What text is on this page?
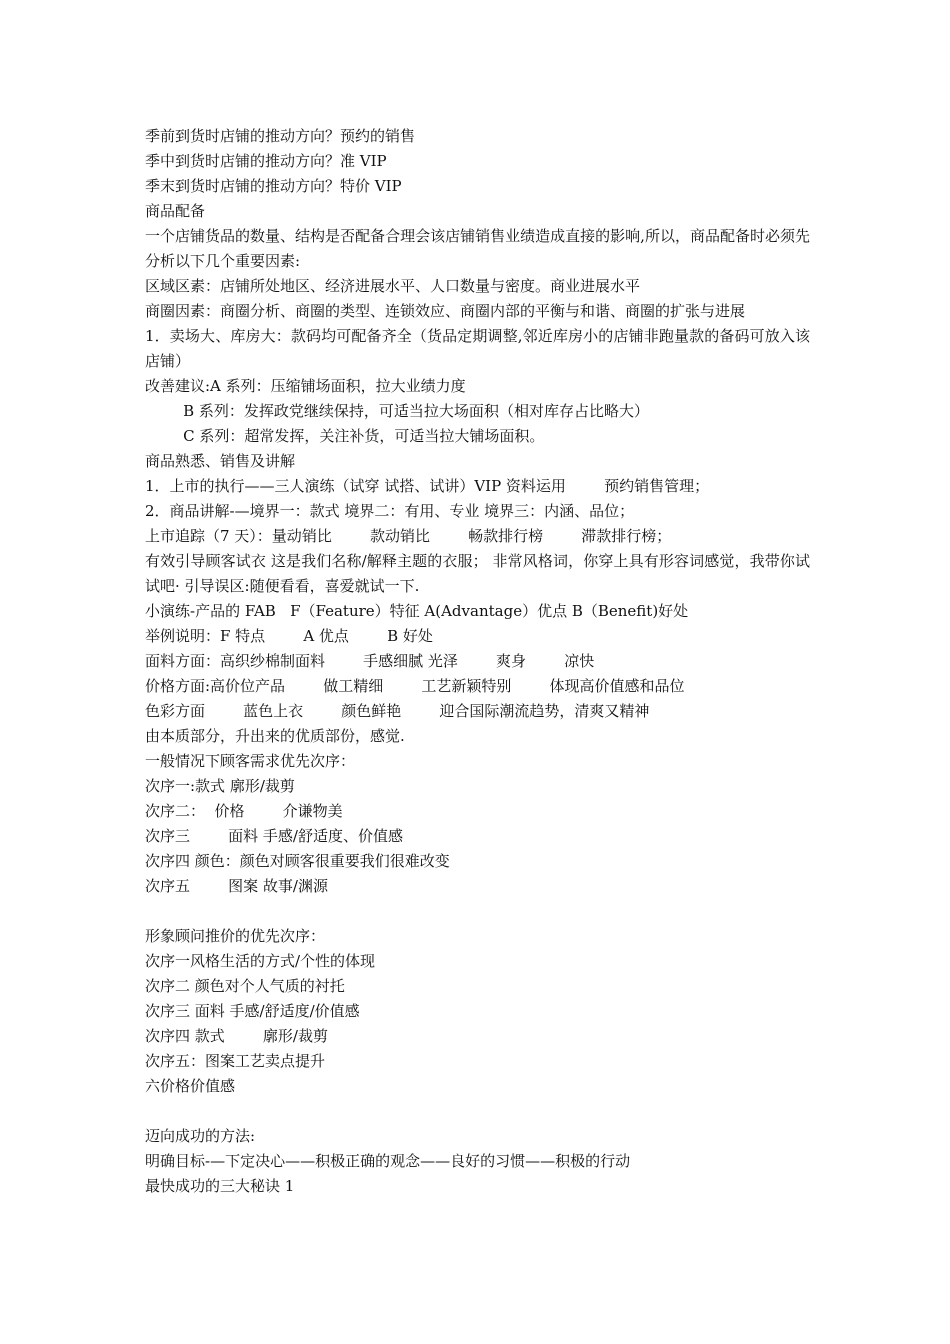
季前到货时店铺的推动方向？预约的销售
季中到货时店铺的推动方向？准 VIP
季末到货时店铺的推动方向？特价 VIP
商品配备
一个店铺货品的数量、结构是否配备合理会该店铺销售业绩造成直接的影响,所以，商品配备时必须先分析以下几个重要因素:
区域区素：店铺所处地区、经济进展水平、人口数量与密度。商业进展水平
商圈因素：商圈分析、商圈的类型、连锁效应、商圈内部的平衡与和谐、商圈的扩张与进展
1．卖场大、库房大：款码均可配备齐全（货品定期调整,邻近库房小的店铺非跑量款的备码可放入该店铺）
改善建议:A 系列：压缩铺场面积，拉大业绩力度
B 系列：发挥政党继续保持，可适当拉大场面积（相对库存占比略大）
C 系列：超常发挥，关注补货，可适当拉大铺场面积。
商品熟悉、销售及讲解
1．上市的执行——三人演练（试穿 试搭、试讲）VIP 资料运用        预约销售管理；
2．商品讲解-—境界一：款式 境界二：有用、专业 境界三：内涵、品位；
上市追踪（7 天）：量动销比        款动销比        畅款排行榜        滞款排行榜；
有效引导顾客试衣 这是我们名称/解释主题的衣服； 非常风格词，你穿上具有形容词感觉，我带你试试吧· 引导误区:随便看看，喜爱就试一下.
小演练-产品的 FAB   F（Feature）特征 A(Advantage）优点 B（Benefit)好处
举例说明：F 特点        A 优点        B 好处
面料方面：高织纱棉制面料        手感细腻 光泽        爽身        凉快
价格方面:高价位产品        做工精细        工艺新颖特别        体现高价值感和品位
色彩方面        蓝色上衣        颜色鲜艳        迎合国际潮流趋势，清爽又精神
由本质部分，升出来的优质部份，感觉.
一般情况下顾客需求优先次序：
次序一:款式 廓形/裁剪
次序二：  价格        介谦物美
次序三        面料 手感/舒适度、价值感
次序四 颜色：颜色对顾客很重要我们很难改变
次序五        图案 故事/渊源
形象顾问推价的优先次序：
次序一风格生活的方式/个性的体现
次序二 颜色对个人气质的衬托
次序三 面料 手感/舒适度/价值感
次序四 款式        廓形/裁剪
次序五：图案工艺卖点提升
六价格价值感
迈向成功的方法:
明确目标-—下定决心——积极正确的观念——良好的习惯——积极的行动
最快成功的三大秘诀 1
